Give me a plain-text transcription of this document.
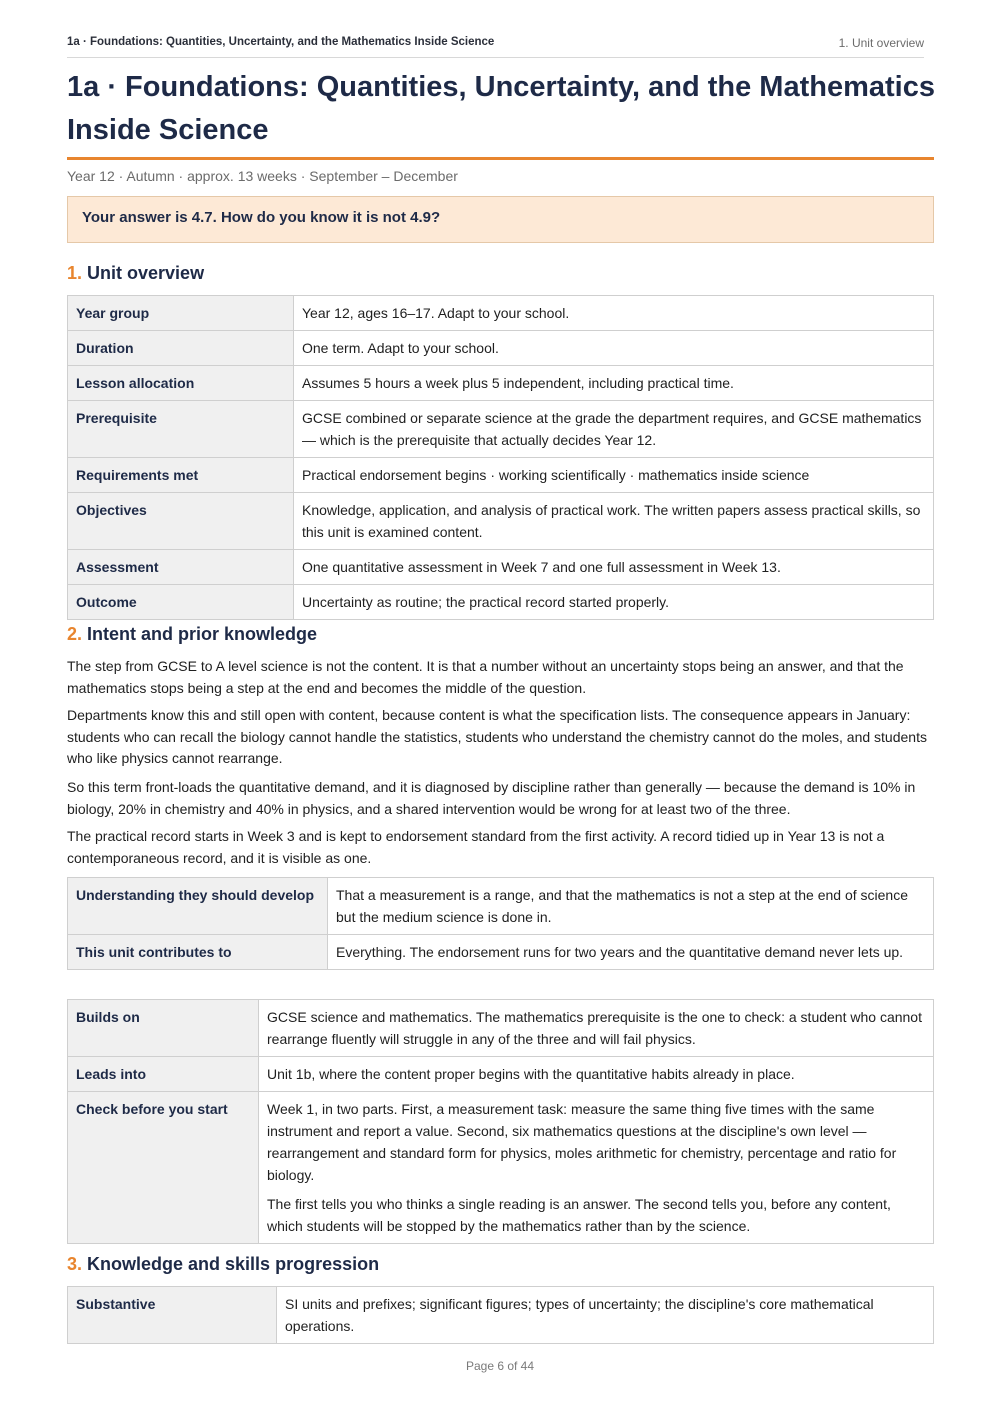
1a · Foundations: Quantities, Uncertainty, and the Mathematics Inside Science	1. Unit overview
1a · Foundations: Quantities, Uncertainty, and the Mathematics Inside Science
Year 12 · Autumn · approx. 13 weeks · September – December
Your answer is 4.7. How do you know it is not 4.9?
1. Unit overview
Year group	Year 12, ages 16–17. Adapt to your school.
Duration	One term. Adapt to your school.
Lesson allocation	Assumes 5 hours a week plus 5 independent, including practical time.
Prerequisite	GCSE combined or separate science at the grade the department requires, and GCSE mathematics — which is the prerequisite that actually decides Year 12.
Requirements met	Practical endorsement begins · working scientifically · mathematics inside science
Objectives	Knowledge, application, and analysis of practical work. The written papers assess practical skills, so this unit is examined content.
Assessment	One quantitative assessment in Week 7 and one full assessment in Week 13.
Outcome	Uncertainty as routine; the practical record started properly.
2. Intent and prior knowledge

The step from GCSE to A level science is not the content. It is that a number without an uncertainty stops being an answer, and that the mathematics stops being a step at the end and becomes the middle of the question.

Departments know this and still open with content, because content is what the specification lists. The consequence appears in January: students who can recall the biology cannot handle the statistics, students who understand the chemistry cannot do the moles, and students who like physics cannot rearrange.

So this term front-loads the quantitative demand, and it is diagnosed by discipline rather than generally — because the demand is 10% in biology, 20% in chemistry and 40% in physics, and a shared intervention would be wrong for at least two of the three.

The practical record starts in Week 3 and is kept to endorsement standard from the first activity. A record tidied up in Year 13 is not a contemporaneous record, and it is visible as one.

Understanding they should develop	That a measurement is a range, and that the mathematics is not a step at the end of science but the medium science is done in.
This unit contributes to	Everything. The endorsement runs for two years and the quantitative demand never lets up.
Builds on	GCSE science and mathematics. The mathematics prerequisite is the one to check: a student who cannot rearrange fluently will struggle in any of the three and will fail physics.
Leads into	Unit 1b, where the content proper begins with the quantitative habits already in place.
Check before you start	Week 1, in two parts. First, a measurement task: measure the same thing five times with the same instrument and report a value. Second, six mathematics questions at the discipline's own level — rearrangement and standard form for physics, moles arithmetic for chemistry, percentage and ratio for biology.

The first tells you who thinks a single reading is an answer. The second tells you, before any content, which students will be stopped by the mathematics rather than by the science.

3. Knowledge and skills progression
Substantive	SI units and prefixes; significant figures; types of uncertainty; the discipline's core mathematical operations.
Page 6 of 44
